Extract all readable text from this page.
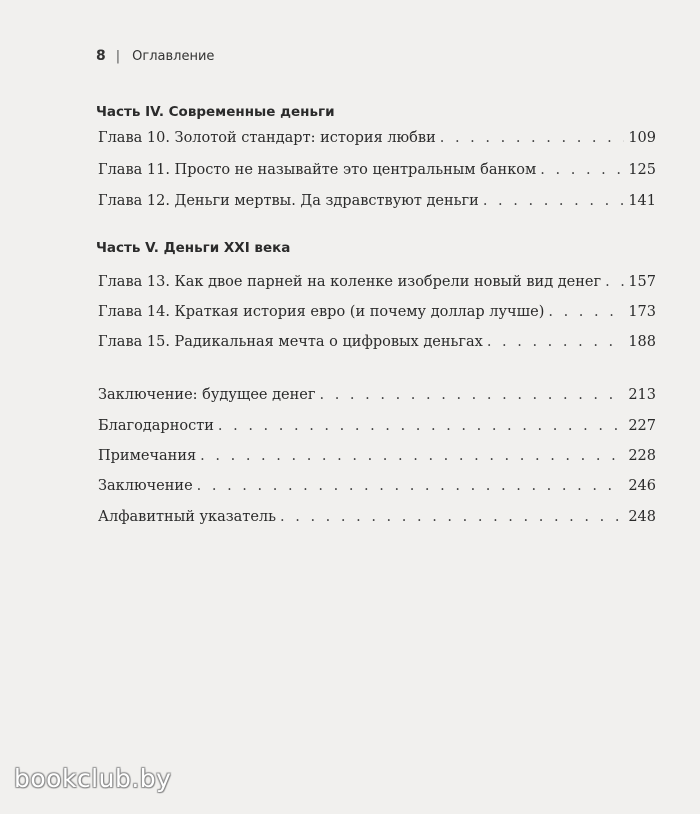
8 | Оглавление
Часть IV. Современные деньги
Глава 10. Золотой стандарт: история любви . . .	109
Глава 11. Просто не называйте это центральным банком . . .	125
Глава 12. Деньги мертвы. Да здравствуют деньги . . .	141
Часть V. Деньги XXI века
Глава 13. Как двое парней на коленке изобрели новый вид денег . . . 157
Глава 14. Краткая история евро (и почему доллар лучше) . . .	173
Глава 15. Радикальная мечта о цифровых деньгах . . .	188
Заключение: будущее денег . . .	213
Благодарности . . .	227
Примечания . . .	228
Заключение . . .	246
Алфавитный указатель . . .	248
bookclub.by
